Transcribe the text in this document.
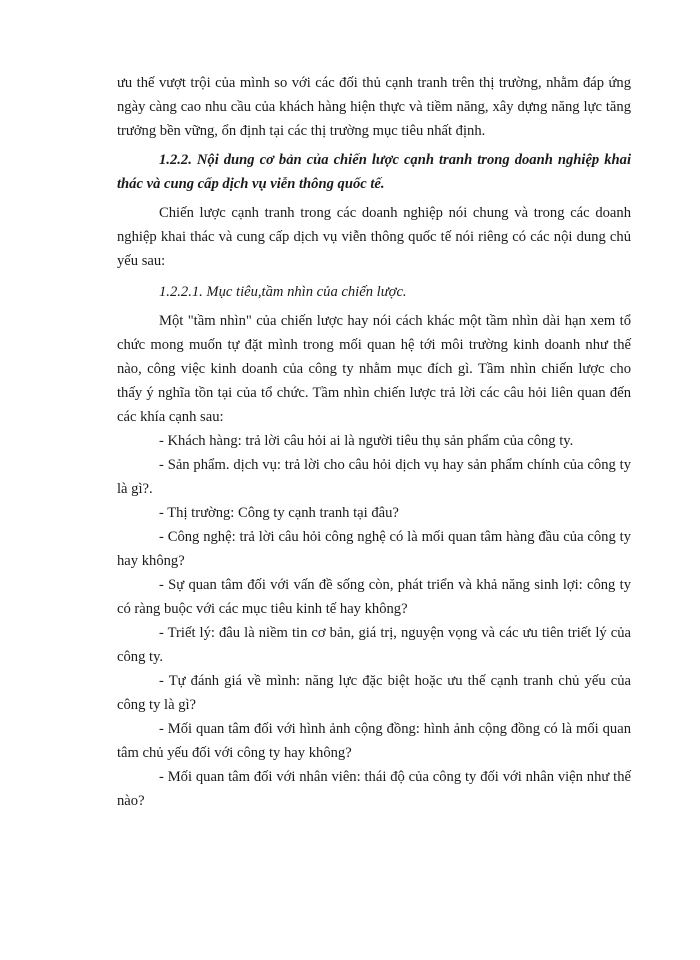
ưu thế vượt trội của mình so với các đối thủ cạnh tranh trên thị trường, nhằm đáp ứng ngày càng cao nhu cầu của khách hàng hiện thực và tiềm năng, xây dựng năng lực tăng trưởng bền vững, ổn định tại các thị trường mục tiêu nhất định.

1.2.2. Nội dung cơ bản của chiến lược cạnh tranh trong doanh nghiệp khai thác và cung cấp dịch vụ viễn thông quốc tế.

Chiến lược cạnh tranh trong các doanh nghiệp nói chung và trong các doanh nghiệp khai thác và cung cấp dịch vụ viễn thông quốc tế nói riêng có các nội dung chủ yếu sau:

1.2.2.1. Mục tiêu,tầm nhìn của chiến lược.

Một "tầm nhìn" của chiến lược hay nói cách khác một tầm nhìn dài hạn xem tổ chức mong muốn tự đặt mình trong mối quan hệ tới môi trường kinh doanh như thế nào, công việc kinh doanh của công ty nhằm mục đích gì. Tầm nhìn chiến lược cho thấy ý nghĩa tồn tại của tổ chức. Tầm nhìn chiến lược trả lời các câu hỏi liên quan đến các khía cạnh sau:

- Khách hàng: trả lời câu hỏi ai là người tiêu thụ sản phẩm của công ty.

- Sản phẩm. dịch vụ: trả lời cho câu hỏi dịch vụ hay sản phẩm chính của công ty là gì?.

- Thị trường: Công ty cạnh tranh tại đâu?

- Công nghệ: trả lời câu hỏi công nghệ có là mối quan tâm hàng đầu của công ty hay không?

- Sự quan tâm đối với vấn đề sống còn, phát triển và khả năng sinh lợi: công ty có ràng buộc với các mục tiêu kinh tế hay không?

- Triết lý: đâu là niềm tin cơ bản, giá trị, nguyện vọng và các ưu tiên triết lý của công ty.

- Tự đánh giá về mình: năng lực đặc biệt hoặc ưu thế cạnh tranh chủ yếu của công ty là gì?

- Mối quan tâm đối với hình ảnh cộng đồng: hình ảnh cộng đồng có là mối quan tâm chủ yếu đối với công ty hay không?

- Mối quan tâm đối với nhân viên: thái độ của công ty đối với nhân viện như thế nào?
